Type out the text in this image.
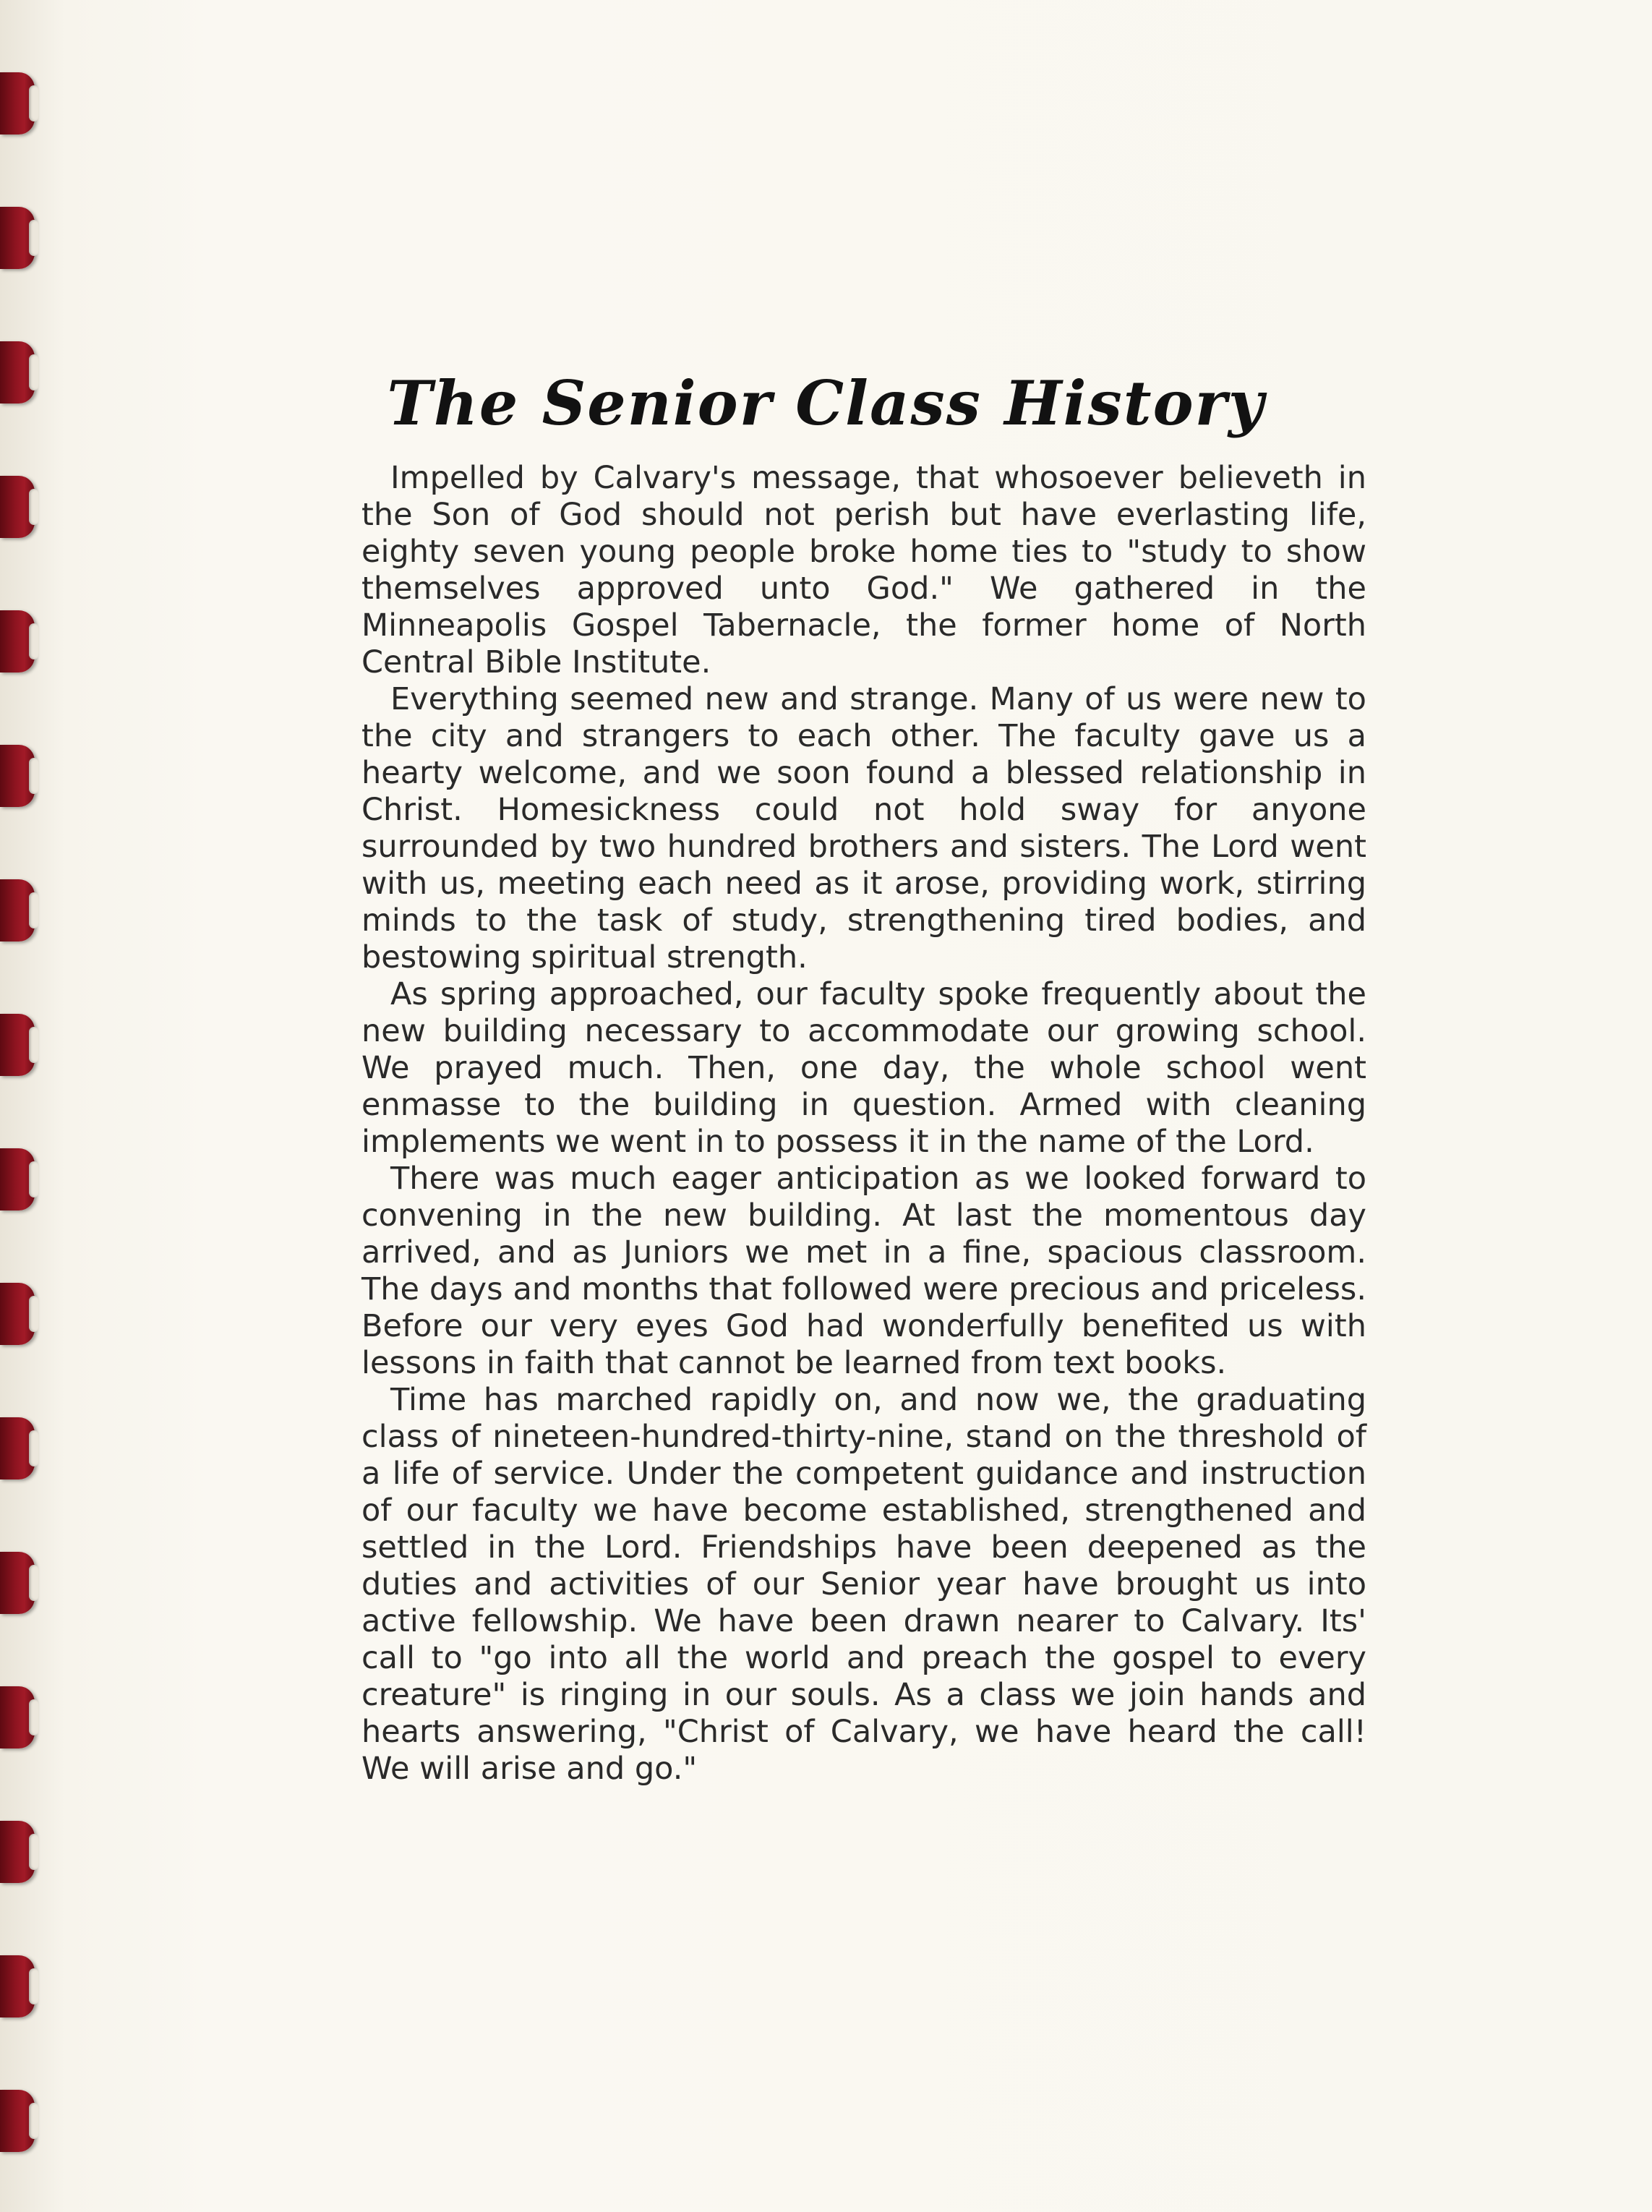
The Senior Class History

Impelled by Calvary's message, that whosoever believeth in the Son of God should not perish but have everlasting life, eighty seven young people broke home ties to "study to show themselves approved unto God." We gathered in the Minneapolis Gospel Tabernacle, the former home of North Central Bible Institute.

Everything seemed new and strange. Many of us were new to the city and strangers to each other. The faculty gave us a hearty welcome, and we soon found a blessed relationship in Christ. Homesickness could not hold sway for anyone surrounded by two hundred brothers and sisters. The Lord went with us, meeting each need as it arose, providing work, stirring minds to the task of study, strengthening tired bodies, and bestowing spiritual strength.

As spring approached, our faculty spoke frequently about the new building necessary to accommodate our growing school. We prayed much. Then, one day, the whole school went enmasse to the building in question. Armed with cleaning implements we went in to possess it in the name of the Lord.

There was much eager anticipation as we looked forward to convening in the new building. At last the momentous day arrived, and as Juniors we met in a fine, spacious classroom. The days and months that followed were precious and priceless. Before our very eyes God had wonderfully benefited us with lessons in faith that cannot be learned from text books.

Time has marched rapidly on, and now we, the graduating class of nineteen-hundred-thirty-nine, stand on the threshold of a life of service. Under the competent guidance and instruction of our faculty we have become established, strengthened and settled in the Lord. Friendships have been deepened as the duties and activities of our Senior year have brought us into active fellowship. We have been drawn nearer to Calvary. Its' call to "go into all the world and preach the gospel to every creature" is ringing in our souls. As a class we join hands and hearts answering, "Christ of Calvary, we have heard the call! We will arise and go."
